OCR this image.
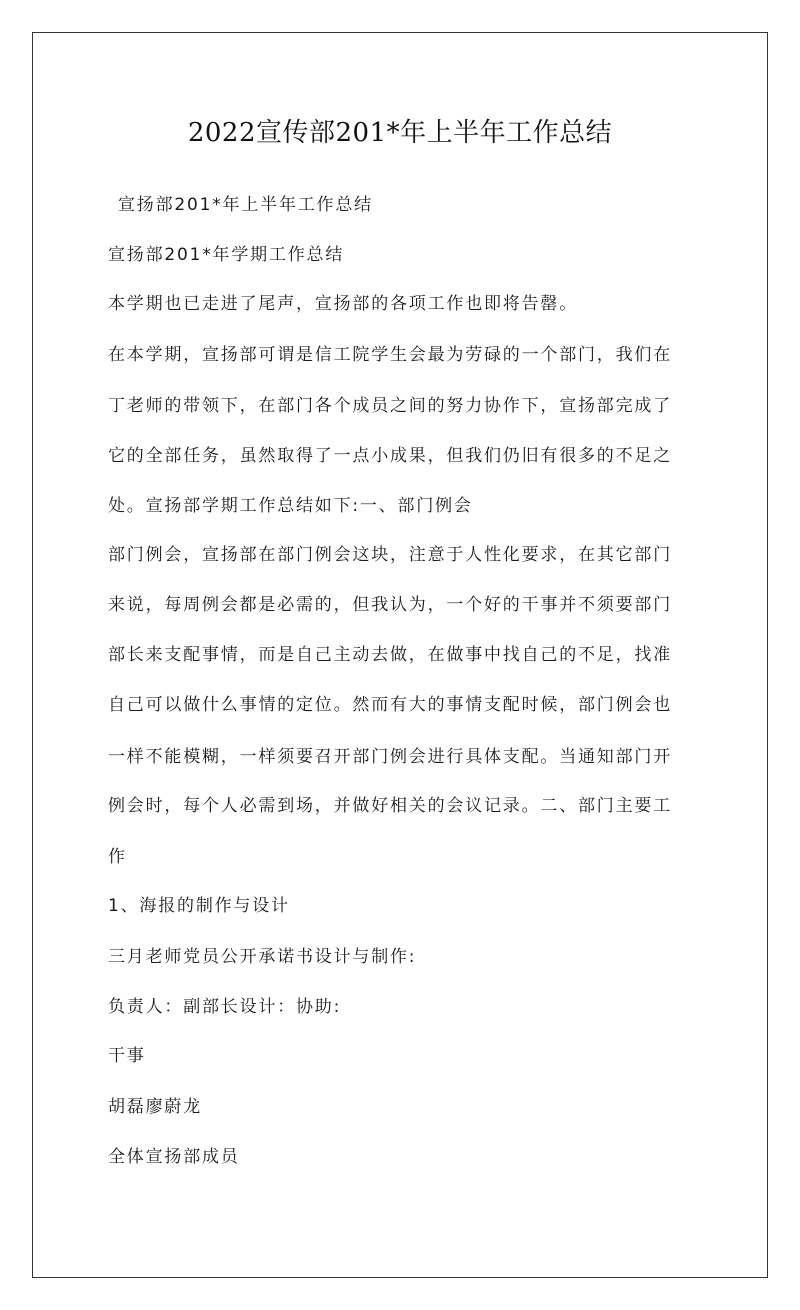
2022宣传部201*年上半年工作总结
宣扬部201*年上半年工作总结
宣扬部201*年学期工作总结
本学期也已走进了尾声，宣扬部的各项工作也即将告罄。
在本学期，宣扬部可谓是信工院学生会最为劳碌的一个部门，我们在
丁老师的带领下，在部门各个成员之间的努力协作下，宣扬部完成了
它的全部任务，虽然取得了一点小成果，但我们仍旧有很多的不足之
处。宣扬部学期工作总结如下:一、部门例会
部门例会，宣扬部在部门例会这块，注意于人性化要求，在其它部门
来说，每周例会都是必需的，但我认为，一个好的干事并不须要部门
部长来支配事情，而是自己主动去做，在做事中找自己的不足，找准
自己可以做什么事情的定位。然而有大的事情支配时候，部门例会也
一样不能模糊，一样须要召开部门例会进行具体支配。当通知部门开
例会时，每个人必需到场，并做好相关的会议记录。二、部门主要工
作
1、海报的制作与设计
三月老师党员公开承诺书设计与制作:
负责人：副部长设计：协助:
干事
胡磊廖蔚龙
全体宣扬部成员
